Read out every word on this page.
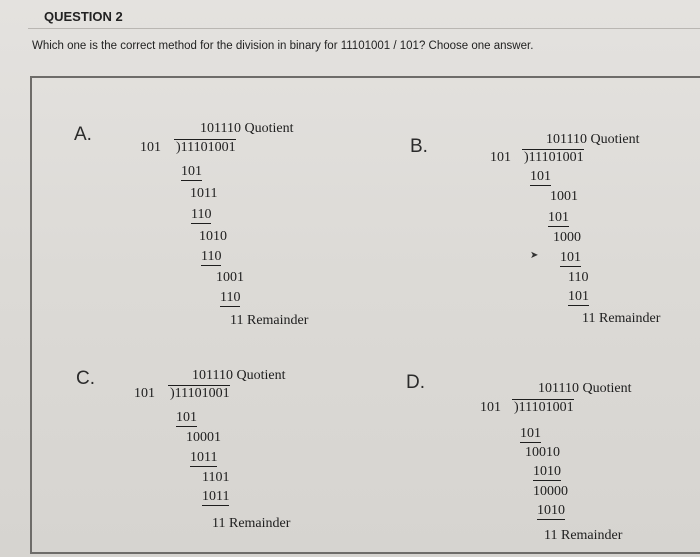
QUESTION 2
Which one is the correct method for the division in binary for 11101001 / 101? Choose one answer.
A.	101110 Quotient
101 )11101001
101
1011
110
1010
110
1001
110
11 Remainder
B.	101110 Quotient
101 )11101001
101
1001
101
1000
➤ 101
110
101
11 Remainder
C.	101110 Quotient
101 )11101001
101
10001
1011
1101
1011
11 Remainder
D.	101110 Quotient
101 )11101001
101
10010
1010
10000
1010
11 Remainder
